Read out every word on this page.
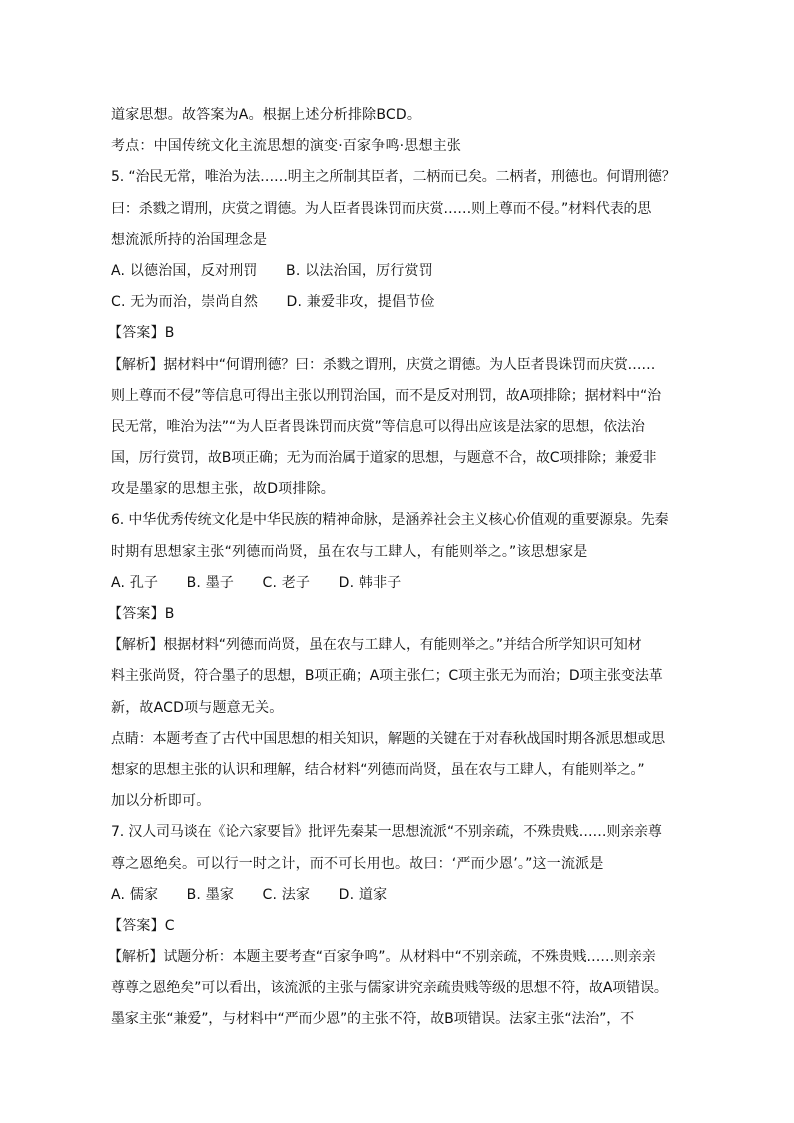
道家思想。故答案为A。根据上述分析排除BCD。
考点：中国传统文化主流思想的演变·百家争鸣·思想主张
5. “治民无常，唯治为法……明主之所制其臣者，二柄而已矣。二柄者，刑德也。何谓刑德？
曰：杀戮之谓刑，庆赏之谓德。为人臣者畏诛罚而庆赏……则上尊而不侵。”材料代表的思
想流派所持的治国理念是
A. 以德治国，反对刑罚　　B. 以法治国，厉行赏罚
C. 无为而治，崇尚自然　　D. 兼爱非攻，提倡节俭
【答案】B
【解析】据材料中“何谓刑德？曰：杀戮之谓刑，庆赏之谓德。为人臣者畏诛罚而庆赏……
则上尊而不侵”等信息可得出主张以刑罚治国，而不是反对刑罚，故A项排除；据材料中“治
民无常，唯治为法”“为人臣者畏诛罚而庆赏”等信息可以得出应该是法家的思想，依法治
国，厉行赏罚，故B项正确；无为而治属于道家的思想，与题意不合，故C项排除；兼爱非
攻是墨家的思想主张，故D项排除。
6. 中华优秀传统文化是中华民族的精神命脉，是涵养社会主义核心价值观的重要源泉。先秦
时期有思想家主张“列德而尚贤，虽在农与工肆人，有能则举之。”该思想家是
A. 孔子　　B. 墨子　　C. 老子　　D. 韩非子
【答案】B
【解析】根据材料“列德而尚贤，虽在农与工肆人，有能则举之。”并结合所学知识可知材
料主张尚贤，符合墨子的思想，B项正确；A项主张仁；C项主张无为而治；D项主张变法革
新，故ACD项与题意无关。
点睛：本题考查了古代中国思想的相关知识，解题的关键在于对春秋战国时期各派思想或思
想家的思想主张的认识和理解，结合材料“列德而尚贤，虽在农与工肆人，有能则举之。”
加以分析即可。
7. 汉人司马谈在《论六家要旨》批评先秦某一思想流派“不别亲疏，不殊贵贱……则亲亲尊
尊之恩绝矣。可以行一时之计，而不可长用也。故曰：‘严而少恩’。”这一流派是
A. 儒家　　B. 墨家　　C. 法家　　D. 道家
【答案】C
【解析】试题分析：本题主要考查“百家争鸣”。从材料中“不别亲疏，不殊贵贱……则亲亲
尊尊之恩绝矣”可以看出，该流派的主张与儒家讲究亲疏贵贱等级的思想不符，故A项错误。
墨家主张“兼爱”，与材料中“严而少恩”的主张不符，故B项错误。法家主张“法治”，不
